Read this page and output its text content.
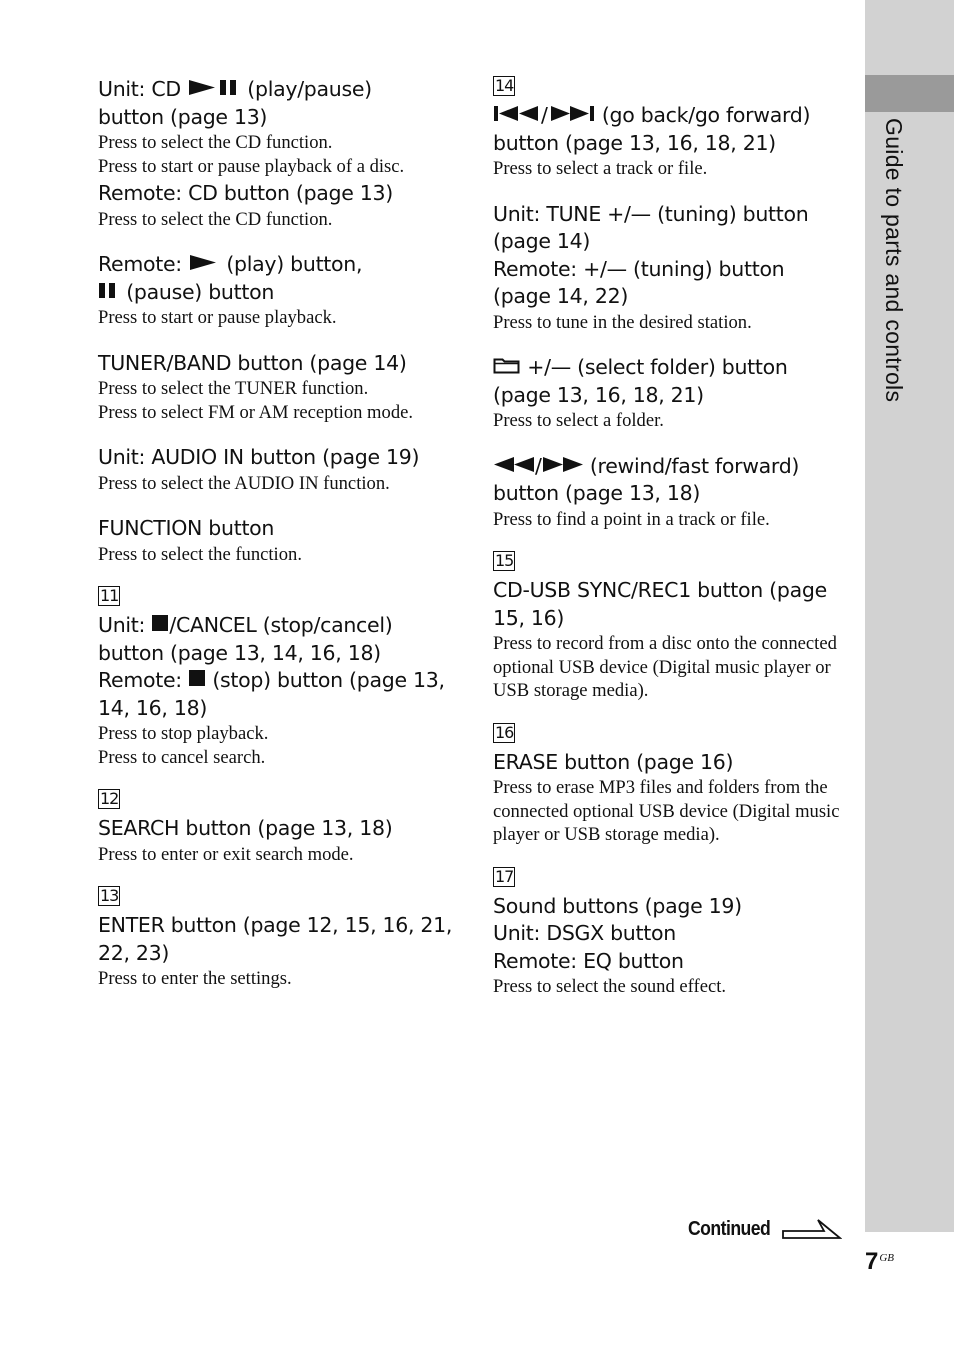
Guide to parts and controls

Unit: CD	(play/pause)

button (page 13)

Press to select the CD function.

Press to start or pause playback of a disc.

Remote: CD button (page 13)

Press to select the CD function.

Remote: (play) button,

(pause) button

Press to start or pause playback.

TUNER/BAND button (page 14)

Press to select the TUNER function.

Press to select FM or AM reception mode.

Unit: AUDIO IN button (page 19)

Press to select the AUDIO IN function.

FUNCTION button

Press to select the function.

11

Unit: /CANCEL (stop/cancel) button (page 13, 14, 16, 18)

Remote: (stop) button (page 13, 14, 16, 18)

Press to stop playback.

Press to cancel search.

12

SEARCH button (page 13, 18)

Press to enter or exit search mode.

13

ENTER button (page 12, 15, 16, 21, 22, 23)

Press to enter the settings.

14

/	(go back/go forward) button (page 13, 16, 18, 21)

Press to select a track or file.

Unit: TUNE +/— (tuning) button (page 14)

Remote: +/— (tuning) button (page 14, 22)

Press to tune in the desired station.

+/— (select folder) button (page 13, 16, 18, 21)

Press to select a folder.

/ (rewind/fast forward) button (page 13, 18)

Press to find a point in a track or file.

15

CD-USB SYNC/REC1 button (page 15, 16)

Press to record from a disc onto the connected optional USB device (Digital music player or USB storage media).

16

ERASE button (page 16)

Press to erase MP3 files and folders from the connected optional USB device (Digital music player or USB storage media).

17

Sound buttons (page 19)

Unit: DSGX button

Remote: EQ button

Press to select the sound effect.

Continued
$7^{GB}$
